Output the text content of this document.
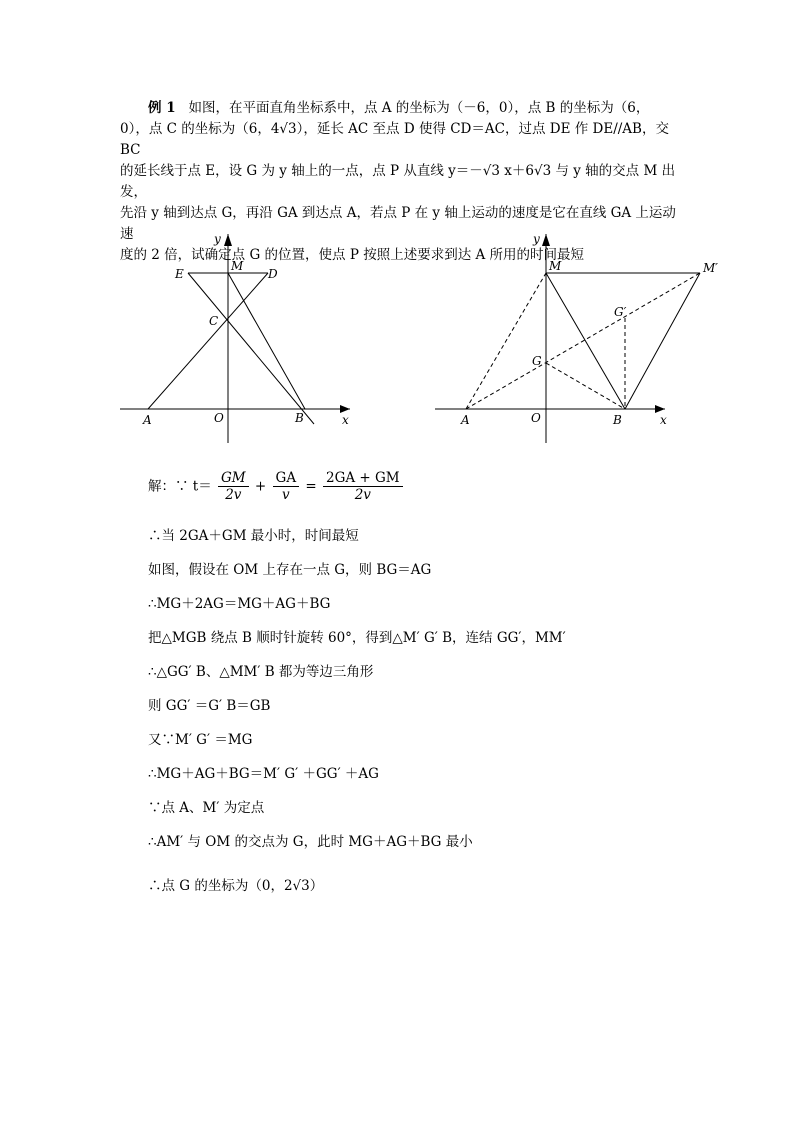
例 1 如图，在平面直角坐标系中，点 A 的坐标为（－6，0），点 B 的坐标为（6，

0），点 C 的坐标为（6，4√3），延长 AC 至点 D 使得 CD＝AC，过点 DE 作 DE//AB，交 BC

的延长线于点 E，设 G 为 y 轴上的一点，点 P 从直线 y＝－√3 x＋6√3 与 y 轴的交点 M 出发，

先沿 y 轴到达点 G，再沿 GA 到达点 A，若点 P 在 y 轴上运动的速度是它在直线 GA 上运动速

度的 2 倍，试确定点 G 的位置，使点 P 按照上述要求到达 A 所用的时间最短

y
x
E
M
D
C
A	O	B
y
x
M	M′
G′
G
A	O	B
解：∵ $t= \frac{GM}{2v} + \frac{GA}{v} = \frac{2GA + GM}{2v}$
∴当 2GA＋GM 最小时，时间最短
如图，假设在 OM 上存在一点 G，则 BG＝AG
∴MG＋2AG＝MG＋AG＋BG
把△MGB 绕点 B 顺时针旋转 60°，得到△M′ G′ B，连结 GG′，MM′
∴△GG′ B、△MM′ B 都为等边三角形
则 GG′ ＝G′ B＝GB
又∵M′ G′ ＝MG
∴MG＋AG＋BG＝M′ G′ ＋GG′ ＋AG
∵点 A、M′ 为定点
∴AM′ 与 OM 的交点为 G，此时 MG＋AG＋BG 最小
∴点 G 的坐标为（0，2√3）
